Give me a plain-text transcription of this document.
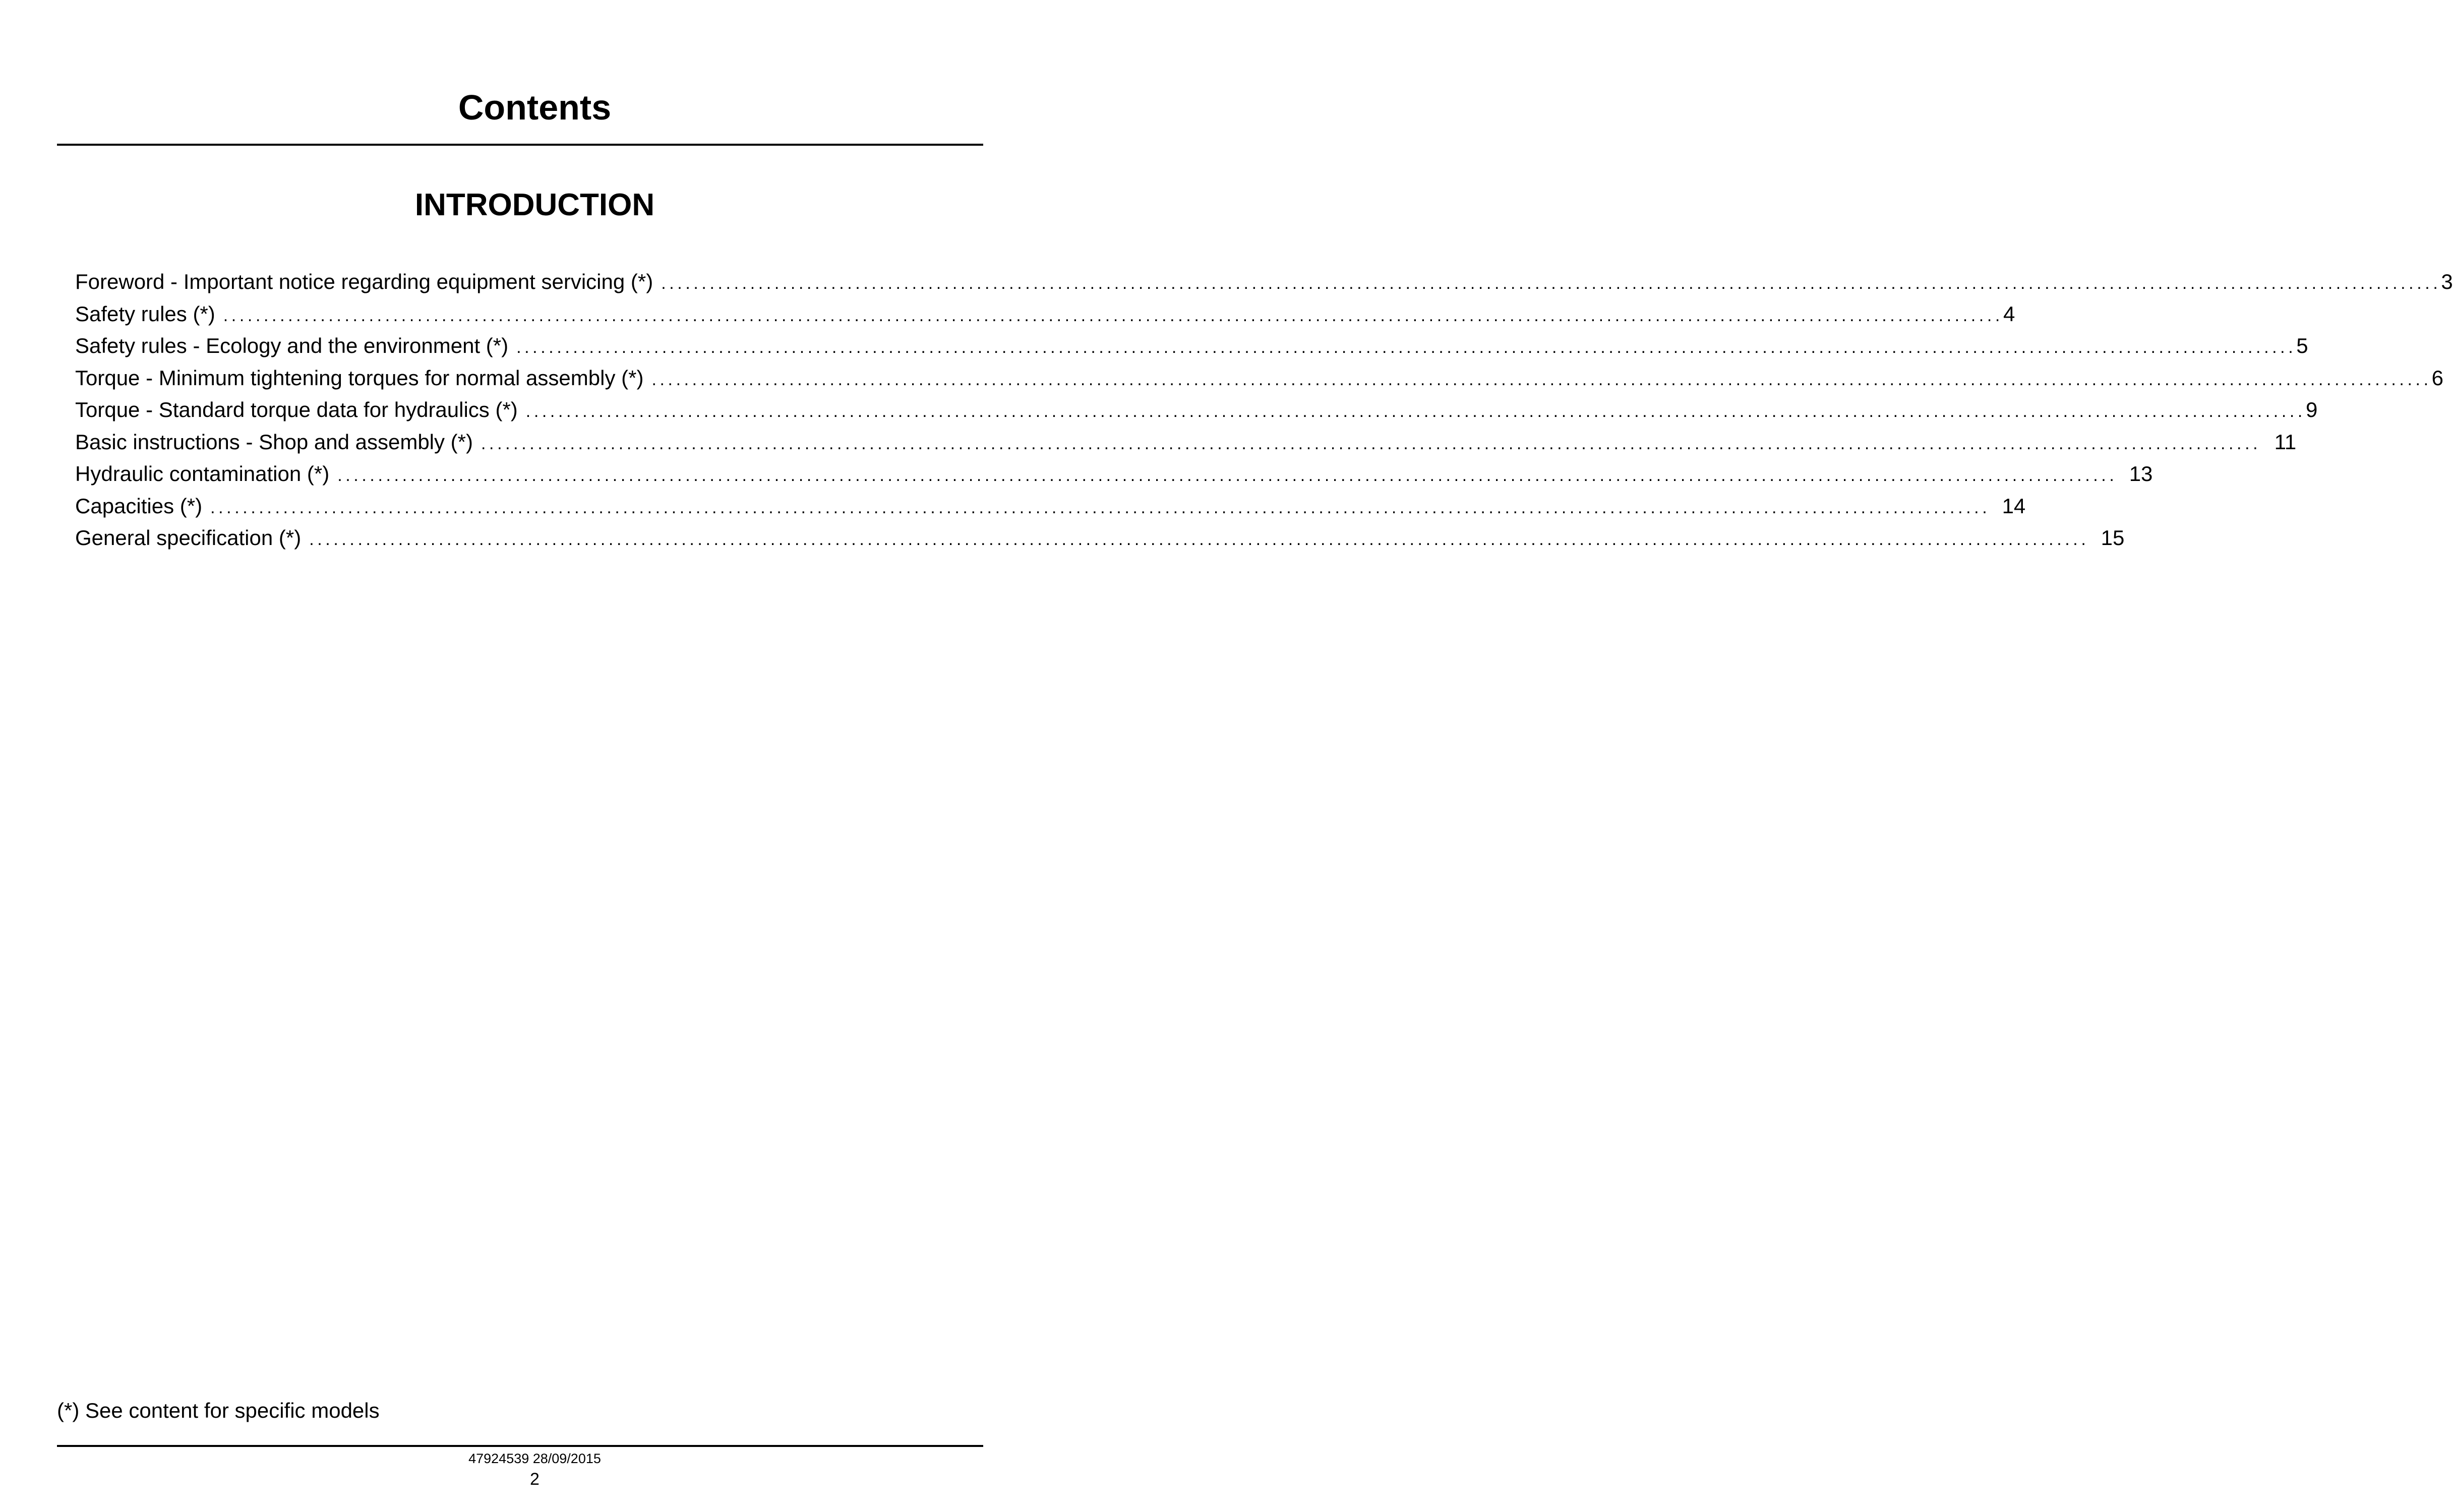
Contents
INTRODUCTION
Foreword - Important notice regarding equipment servicing (*) ............................................................................................................................................................................................................................ 3
Safety rules (*) ............................................................................................................................................................................................................................ 4
Safety rules - Ecology and the environment (*) ............................................................................................................................................................................................................................ 5
Torque - Minimum tightening torques for normal assembly (*) ............................................................................................................................................................................................................................ 6
Torque - Standard torque data for hydraulics (*) ............................................................................................................................................................................................................................ 9
Basic instructions - Shop and assembly (*) ............................................................................................................................................................................................................................ 11
Hydraulic contamination (*) ............................................................................................................................................................................................................................ 13
Capacities (*) ............................................................................................................................................................................................................................ 14
General specification (*) ............................................................................................................................................................................................................................ 15
(*) See content for specific models
47924539 28/09/2015
2
